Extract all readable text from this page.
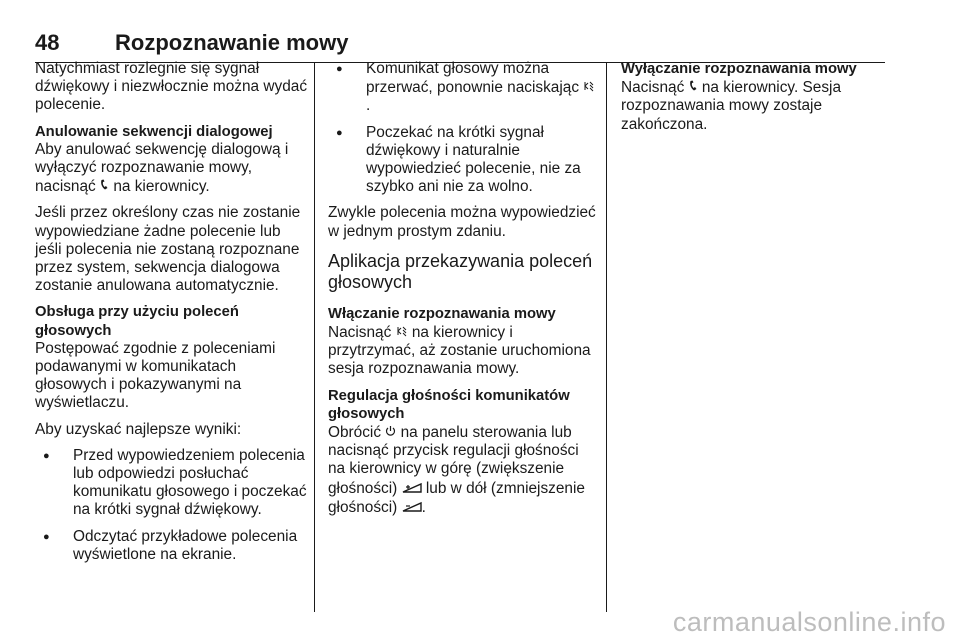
48	Rozpoznawanie mowy

Natychmiast rozlegnie się sygnał dźwiękowy i niezwłocznie można wydać polecenie.

Anulowanie sekwencji dialogowej

Aby anulować sekwencję dialogową i wyłączyć rozpoznawanie mowy, nacisnąć na kierownicy.

Jeśli przez określony czas nie zostanie wypowiedziane żadne polecenie lub jeśli polecenia nie zostaną rozpoznane przez system, sekwencja dialogowa zostanie anulowana automatycznie.

Obsługa przy użyciu poleceń głosowych

Postępować zgodnie z poleceniami podawanymi w komunikatach głosowych i pokazywanymi na wyświetlaczu.

Aby uzyskać najlepsze wyniki:

● Przed wypowiedzeniem polecenia lub odpowiedzi posłuchać komunikatu głosowego i poczekać na krótki sygnał dźwiękowy.
● Odczytać przykładowe polecenia wyświetlone na ekranie.
● Komunikat głosowy można przerwać, ponownie naciskając  .
● Poczekać na krótki sygnał dźwiękowy i naturalnie wypowiedzieć polecenie, nie za szybko ani nie za wolno.

Zwykle polecenia można wypowiedzieć w jednym prostym zdaniu.

Aplikacja przekazywania poleceń głosowych
Włączanie rozpoznawania mowy

Nacisnąć na kierownicy i przytrzymać, aż zostanie uruchomiona sesja rozpoznawania mowy.

Regulacja głośności komunikatów głosowych

Obrócić na panelu sterowania lub nacisnąć przycisk regulacji głośności na kierownicy w górę (zwiększenie głośności) lub w dół (zmniejszenie głośności) .

Wyłączanie rozpoznawania mowy

Nacisnąć na kierownicy. Sesja rozpoznawania mowy zostaje zakończona.

carmanualsonline.info
